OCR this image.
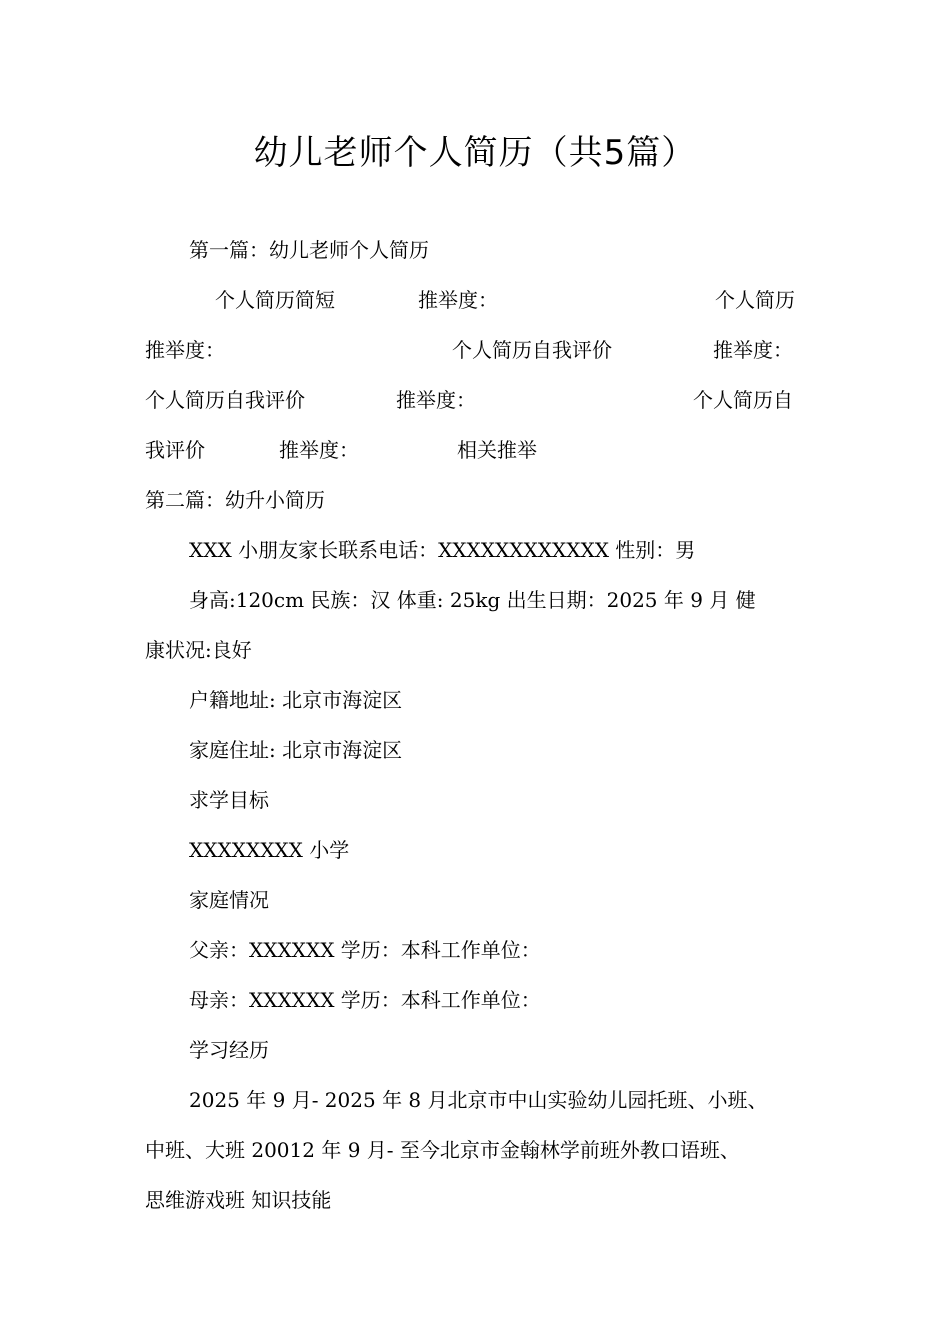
幼儿老师个人简历（共5篇）
第一篇：幼儿老师个人简历
个人简历简短	推举度：	个人简历
推举度：	个人简历自我评价	推举度：
个人简历自我评价	推举度：	个人简历自
我评价	推举度：	相关推举
第二篇：幼升小简历
XXX 小朋友家长联系电话：XXXXXXXXXXXX 性别：男
身高:120cm 民族：汉 体重: 25kg 出生日期：2025 年 9 月 健
康状况:良好
户籍地址: 北京市海淀区
家庭住址: 北京市海淀区
求学目标
XXXXXXXX 小学
家庭情况
父亲：XXXXXX 学历：本科工作单位：
母亲：XXXXXX 学历：本科工作单位：
学习经历
2025 年 9 月- 2025 年 8 月北京市中山实验幼儿园托班、小班、
中班、大班 20012 年 9 月- 至今北京市金翰林学前班外教口语班、
思维游戏班 知识技能
